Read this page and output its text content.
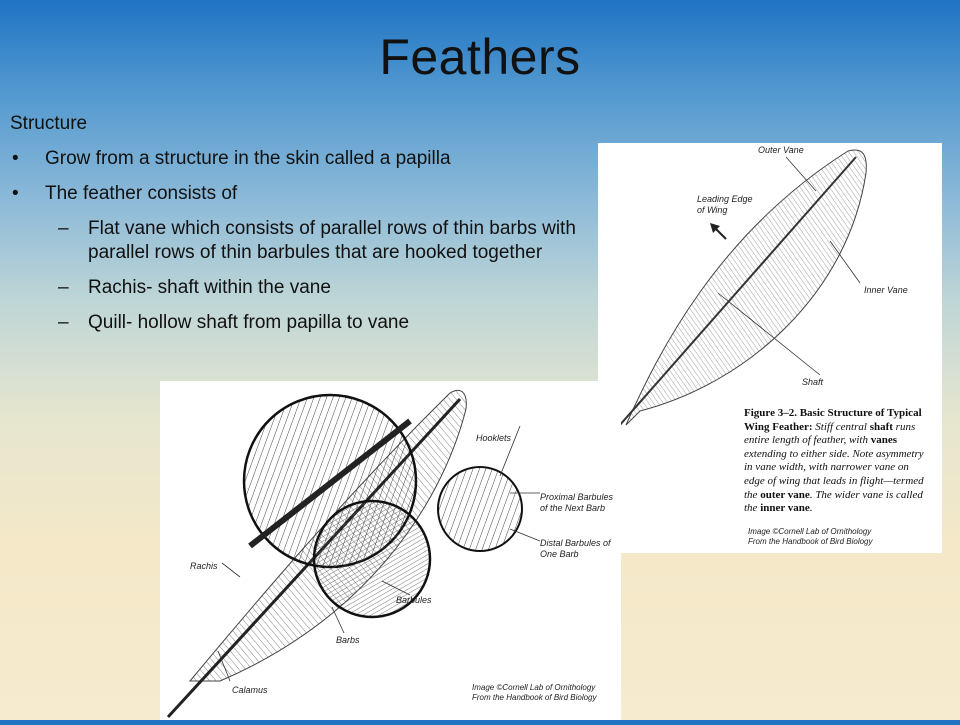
Feathers
Structure
• Grow from a structure in the skin called a papilla
• The feather consists of
– Flat vane which consists of parallel rows of thin barbs with parallel rows of thin barbules that are hooked together
– Rachis- shaft within the vane
– Quill- hollow shaft from papilla to vane
Outer Vane
Leading Edge
of Wing
Inner Vane
Shaft
Figure 3–2. Basic Structure of Typical Wing Feather: Stiff central shaft runs entire length of feather, with vanes extending to either side. Note asymmetry in vane width, with narrower vane on edge of wing that leads in flight—termed the outer vane. The wider vane is called the inner vane.
Image ©Cornell Lab of Ornithology
From the Handbook of Bird Biology
Hooklets
Proximal Barbules
of the Next Barb
Distal Barbules of
One Barb
Rachis
Barbules
Barbs
Calamus	Image ©Cornell Lab of Ornithology
From the Handbook of Bird Biology
